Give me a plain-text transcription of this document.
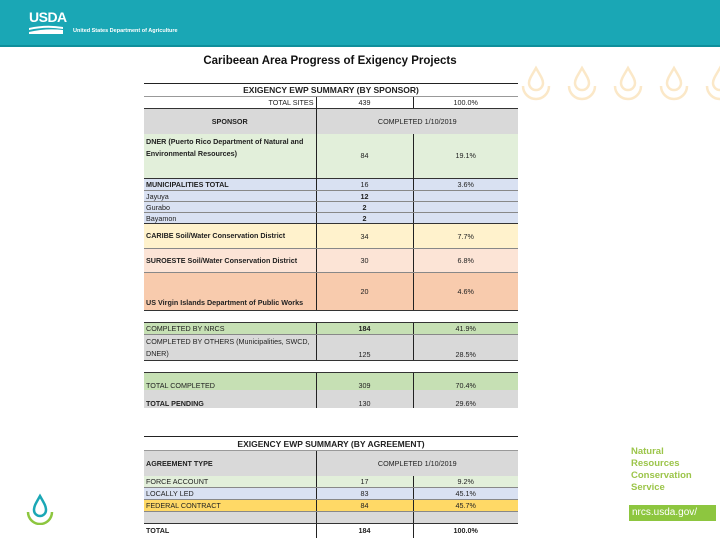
USDA
United States Department of Agriculture
Caribeean Area Progress of Exigency Projects
EXIGENCY EWP SUMMARY (BY SPONSOR)		
TOTAL SITES	439	100.0%
SPONSOR	COMPLETED 1/10/2019	
DNER (Puerto Rico Department of Natural and Environmental Resources)	84	19.1%
MUNICIPALITIES TOTAL	16	3.6%
Jayuya	12	
Gurabo	2	
Bayamon	2	
CARIBE Soil/Water Conservation District	34	7.7%
SUROESTE Soil/Water Conservation District	30	6.8%
US Virgin Islands Department of Public Works	20	4.6%

COMPLETED BY NRCS	184	41.9%
COMPLETED BY OTHERS (Municipalities, SWCD, DNER)	125	28.5%

TOTAL COMPLETED	309	70.4%
TOTAL PENDING	130	29.6%
EXIGENCY EWP SUMMARY (BY AGREEMENT)		
AGREEMENT TYPE	COMPLETED 1/10/2019	
FORCE ACCOUNT	17	9.2%
LOCALLY LED	83	45.1%
FEDERAL CONTRACT	84	45.7%

TOTAL	184	100.0%
Natural
Resources
Conservation
Service
nrcs.usda.gov/
